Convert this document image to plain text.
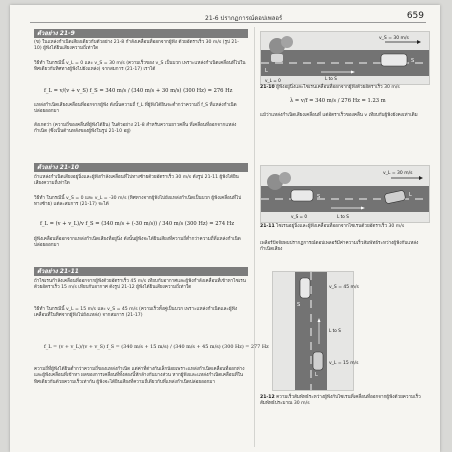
21-6 ปรากฏการณ์ดอปเพลอร์	659
ตัวอย่าง 21-9
(ข) ในแหล่งกำเนิดเสียงเดียวกับตัวอย่าง 21-8 กำลังเคลื่อนที่ออกจากผู้ฟัง ด้วยอัตราเร็ว 30 m/s (รูป 21-10) ผู้ฟังได้ยินเสียงความถี่เท่าใด
วิธีทำ ในกรณีนี้ v_L = 0 และ v_S = 30 m/s (ความเร็วของ v_S เป็นบวก เพราะแหล่งกำเนิดเคลื่อนที่ไปในทิศเดียวกับทิศทางผู้ฟังไปยังแหล่ง) จากสมการ (21-17) เราได้
f_L = v/(v + v_S) f_S = 340 m/s / (340 m/s + 30 m/s) (300 Hz) = 276 Hz
แหล่งกำเนิดเสียงเคลื่อนที่ออกจากผู้ฟัง ดังนั้นความถี่ f_L ที่ผู้ฟังได้ยินจะต่ำกว่าความถี่ f_S ที่แหล่งกำเนิดปล่อยออกมา
สังเกตว่า (ความถี่ของคลื่นที่ผู้ฟังได้ยิน) ในตัวอย่าง 21-8 สำหรับความยาวคลื่น ที่เคลื่อนที่ออกจากแหล่งกำเนิด (ซึ่งเป็นด้านหลังของผู้ฟังในรูป 21-10 อยู่)
ตัวอย่าง 21-10
ถ้าแหล่งกำเนิดเสียงอยู่นิ่งและผู้ฟังกำลังเคลื่อนที่ไปทางซ้ายด้วยอัตราเร็ว 30 m/s ดังรูป 21-11 ผู้ฟังได้ยินเสียงความถี่เท่าใด
วิธีทำ ในกรณีนี้ v_S = 0 และ v_L = -30 m/s (ทิศทางจากผู้ฟังไปยังแหล่งกำเนิดเป็นบวก ผู้ฟังเคลื่อนที่ไปทางซ้าย) แต่ละสมการ (21-17) จะได้
f_L = (v + v_L)/v f_S = (340 m/s + (-30 m/s)) / 340 m/s (300 Hz) = 274 Hz
ผู้ฟังเคลื่อนที่ออกจากแหล่งกำเนิดเสียงที่อยู่นิ่ง ดังนั้นผู้ฟังจะได้ยินเสียงที่ความถี่ต่ำกว่าความถี่ที่แหล่งกำเนิดปล่อยออกมา
ตัวอย่าง 21-11
ถ้าไซเรนกำลังเคลื่อนที่ออกจากผู้ฟังด้วยอัตราเร็ว 45 m/s เทียบกับอากาศและผู้ฟังกำลังเคลื่อนที่เข้าหาไซเรนด้วยอัตราเร็ว 15 m/s เทียบกับอากาศ ดังรูป 21-12 ผู้ฟังได้ยินเสียงความถี่เท่าใด
วิธีทำ ในกรณีนี้ v_L = 15 m/s และ v_S = 45 m/s (ความเร็วทั้งคู่เป็นบวก เพราะแหล่งกำเนิดและผู้ฟังเคลื่อนที่ในทิศจากผู้ฟังไปยังแหล่ง) จากสมการ (21-17)
f_L = (v + v_L)/(v + v_S) f_S = (340 m/s + 15 m/s) / (340 m/s + 45 m/s) (300 Hz) = 277 Hz
ความถี่ที่ผู้ฟังได้ยินต่ำกว่าความถี่ของแหล่งกำเนิด แต่ค่าที่ต่างกันเล็กน้อยเพราะแหล่งกำเนิดเคลื่อนที่ออกห่างและผู้ฟังเคลื่อนที่เข้าหา ผลของการเคลื่อนที่ทั้งสองนี้หักล้างกันบางส่วน หากผู้ฟังและแหล่งกำเนิดเคลื่อนที่ในทิศเดียวกันด้วยความเร็วเท่ากัน ผู้ฟังจะได้ยินเสียงที่ความถี่เดียวกับที่แหล่งกำเนิดปล่อยออกมา
L
S
v_S = 30 m/s
L to S
v_L = 0
21-10 ผู้ฟังอยู่นิ่งและไซเรนเคลื่อนที่ออกจากผู้ฟังด้วยอัตราเร็ว 30 m/s
λ = v/f = 340 m/s / 276 Hz = 1.23 m
แม้ว่าแหล่งกำเนิดเสียงเคลื่อนที่ แต่อัตราเร็วของคลื่น v เทียบกับผู้ฟังยังคงเท่าเดิม
S	L
v_L = 30 m/s
v_S = 0	L to S
21-11 ไซเรนอยู่นิ่งและผู้ฟังเคลื่อนที่ออกจากไซเรนด้วยอัตราเร็ว 30 m/s
เพลีอร์ปัจจัยพบปรากฏการณ์ดอปเพลอร์มีค่าความเร็วสัมพัทธ์ระหว่างผู้ฟังกับแหล่งกำเนิดเสียง
v_S = 45 m/s
S
L to S
L
v_L = 15 m/s
21-12 ความเร็วสัมพัทธ์ระหว่างผู้ฟังกับไซเรนที่เคลื่อนที่ออกจากผู้ฟังด้วยความเร็วสัมพัทธ์ประมาณ 30 m/s
